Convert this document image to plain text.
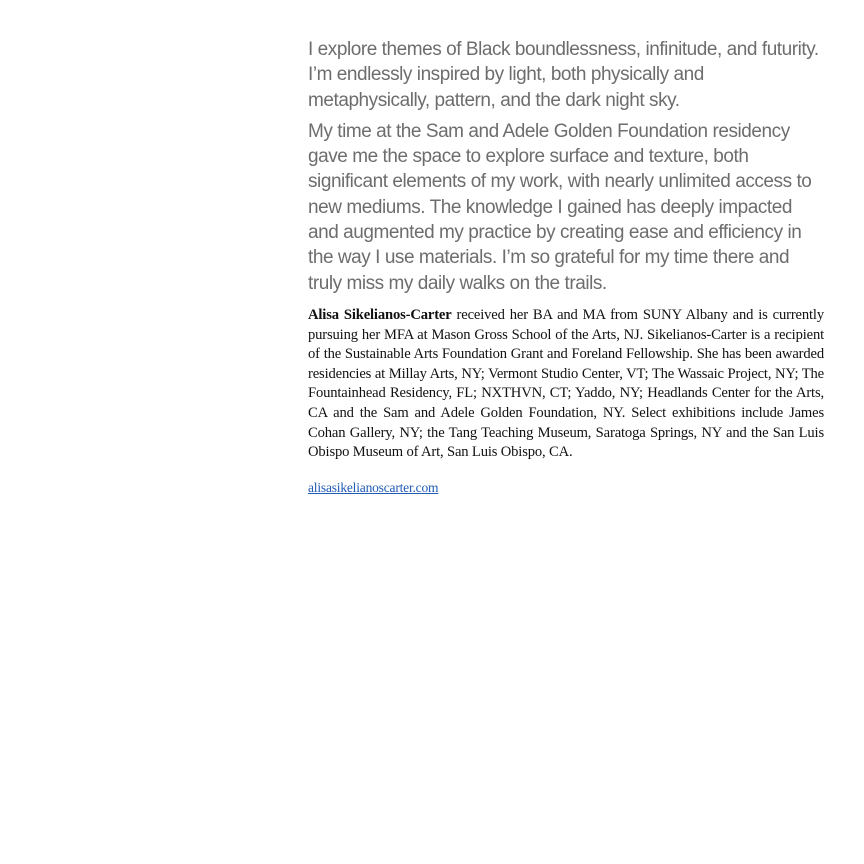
I explore themes of Black boundlessness, infinitude, and futurity. I’m endlessly inspired by light, both physically and metaphysically, pattern, and the dark night sky.

My time at the Sam and Adele Golden Foundation residency gave me the space to explore surface and texture, both significant elements of my work, with nearly unlimited access to new mediums. The knowledge I gained has deeply impacted and augmented my practice by creating ease and efficiency in the way I use materials. I’m so grateful for my time there and truly miss my daily walks on the trails.

Alisa Sikelianos-Carter received her BA and MA from SUNY Albany and is currently pursuing her MFA at Mason Gross School of the Arts, NJ. Sikelianos-Carter is a recipient of the Sustainable Arts Foundation Grant and Foreland Fellowship. She has been awarded residencies at Millay Arts, NY; Vermont Studio Center, VT; The Wassaic Project, NY; The Fountainhead Residency, FL; NXTHVN, CT; Yaddo, NY; Headlands Center for the Arts, CA and the Sam and Adele Golden Foundation, NY. Select exhibitions include James Cohan Gallery, NY; the Tang Teaching Museum, Saratoga Springs, NY and the San Luis Obispo Museum of Art, San Luis Obispo, CA.

alisasikelianoscarter.com
